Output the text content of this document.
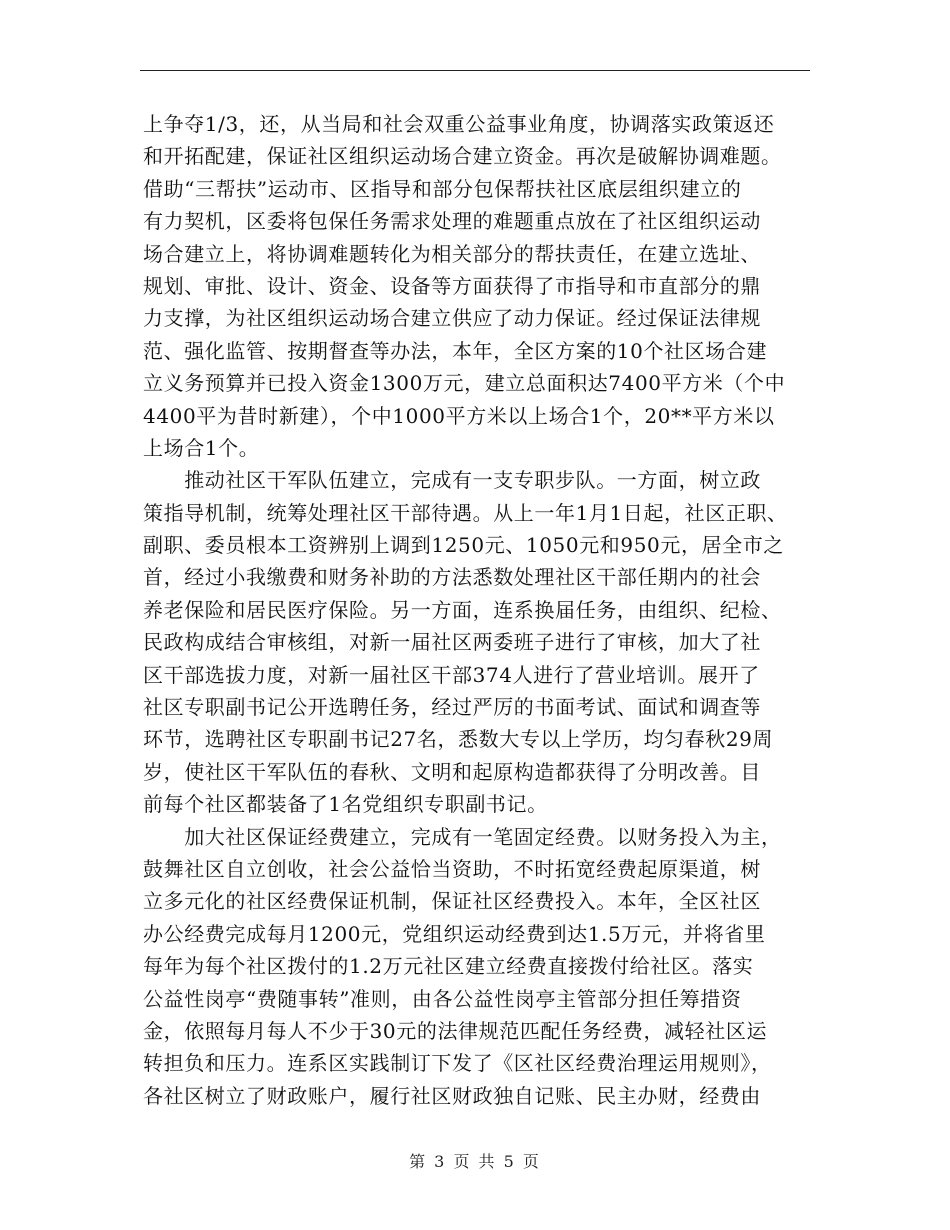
上争夺1/3，还，从当局和社会双重公益事业角度，协调落实政策返还
和开拓配建，保证社区组织运动场合建立资金。再次是破解协调难题。
借助“三帮扶”运动市、区指导和部分包保帮扶社区底层组织建立的
有力契机，区委将包保任务需求处理的难题重点放在了社区组织运动
场合建立上，将协调难题转化为相关部分的帮扶责任，在建立选址、
规划、审批、设计、资金、设备等方面获得了市指导和市直部分的鼎
力支撑，为社区组织运动场合建立供应了动力保证。经过保证法律规
范、强化监管、按期督查等办法，本年，全区方案的10个社区场合建
立义务预算并已投入资金1300万元，建立总面积达7400平方米（个中
4400平为昔时新建），个中1000平方米以上场合1个，20**平方米以
上场合1个。
　　推动社区干军队伍建立，完成有一支专职步队。一方面，树立政
策指导机制，统筹处理社区干部待遇。从上一年1月1日起，社区正职、
副职、委员根本工资辨别上调到1250元、1050元和950元，居全市之
首，经过小我缴费和财务补助的方法悉数处理社区干部任期内的社会
养老保险和居民医疗保险。另一方面，连系换届任务，由组织、纪检、
民政构成结合审核组，对新一届社区两委班子进行了审核，加大了社
区干部选拔力度，对新一届社区干部374人进行了营业培训。展开了
社区专职副书记公开选聘任务，经过严厉的书面考试、面试和调查等
环节，选聘社区专职副书记27名，悉数大专以上学历，均匀春秋29周
岁，使社区干军队伍的春秋、文明和起原构造都获得了分明改善。目
前每个社区都装备了1名党组织专职副书记。
　　加大社区保证经费建立，完成有一笔固定经费。以财务投入为主，
鼓舞社区自立创收，社会公益恰当资助，不时拓宽经费起原渠道，树
立多元化的社区经费保证机制，保证社区经费投入。本年，全区社区
办公经费完成每月1200元，党组织运动经费到达1.5万元，并将省里
每年为每个社区拨付的1.2万元社区建立经费直接拨付给社区。落实
公益性岗亭“费随事转”准则，由各公益性岗亭主管部分担任筹措资
金，依照每月每人不少于30元的法律规范匹配任务经费，减轻社区运
转担负和压力。连系区实践制订下发了《区社区经费治理运用规则》，
各社区树立了财政账户，履行社区财政独自记账、民主办财，经费由
第 3 页 共 5 页
